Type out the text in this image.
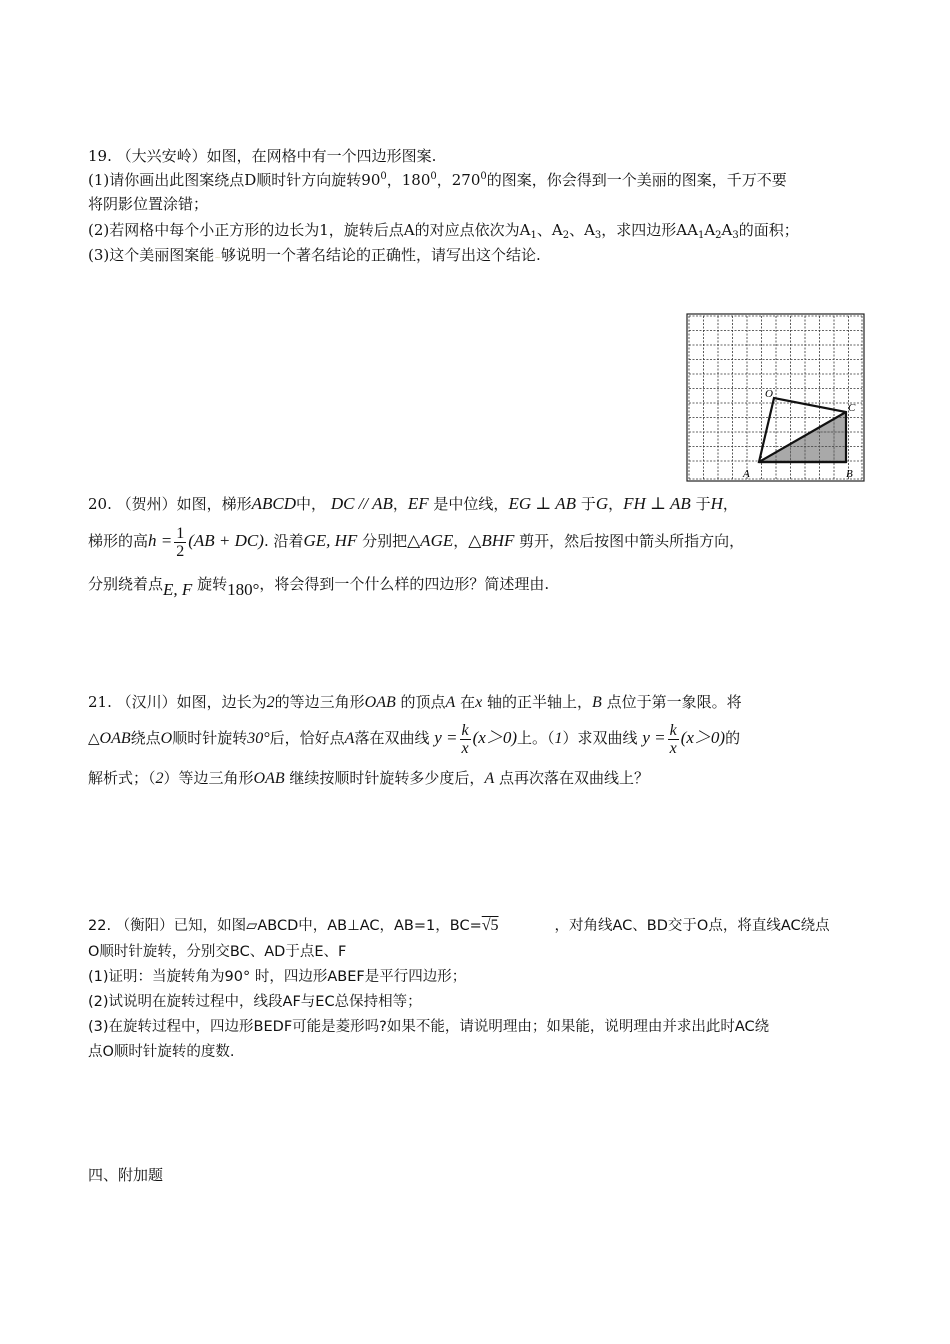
19. （大兴安岭）如图，在网格中有一个四边形图案.
(1)请你画出此图案绕点D顺时针方向旋转$90^0$，$180^0$，$270^0$的图案，你会得到一个美丽的图案，千万不要
将阴影位置涂错；
(2)若网格中每个小正方形的边长为1，旋转后点A的对应点依次为$A_1$、$A_2$、$A_3$，求四边形$AA_1A_2A_3$的面积；
(3)这个美丽图案能~够说明一个著名结论的正确性，请写出这个结论.
O
C
A	B
20. （贺州）如图，梯形ABCD中， DC // AB，EF 是中位线，EG ⊥ AB 于G，FH ⊥ AB 于H，
梯形的高$h = \frac{1}{2} (AB + DC)$. 沿着GE, HF 分别把△AGE，△BHF 剪开，然后按图中箭头所指方向，
分别绕着点E, F 旋转180°，将会得到一个什么样的四边形？简述理由.
21. （汉川）如图，边长为2的等边三角形OAB 的顶点A 在x 轴的正半轴上，B 点位于第一象限。将
△OAB绕点O顺时针旋转30°后，恰好点A落在双曲线 $y = \frac{k}{x} (x>0)$上。（1）求双曲线 $y = \frac{k}{x} (x>0)$的
解析式；（2）等边三角形OAB 继续按顺时针旋转多少度后，A 点再次落在双曲线上？
22. （衡阳）已知，如图▱ABCD中，AB⊥AC，AB=1，BC=√5	，对角线AC、BD交于O点，将直线AC绕点
O顺时针旋转，分别交BC、AD于点E、F
(1)证明：当旋转角为90° 时，四边形ABEF是平行四边形；
(2)试说明在旋转过程中，线段AF与EC总保持相等；
(3)在旋转过程中，四边形BEDF可能是菱形吗?如果不能，请说明理由；如果能，说明理由并求出此时AC绕
点O顺时针旋转的度数.
四、附加题
